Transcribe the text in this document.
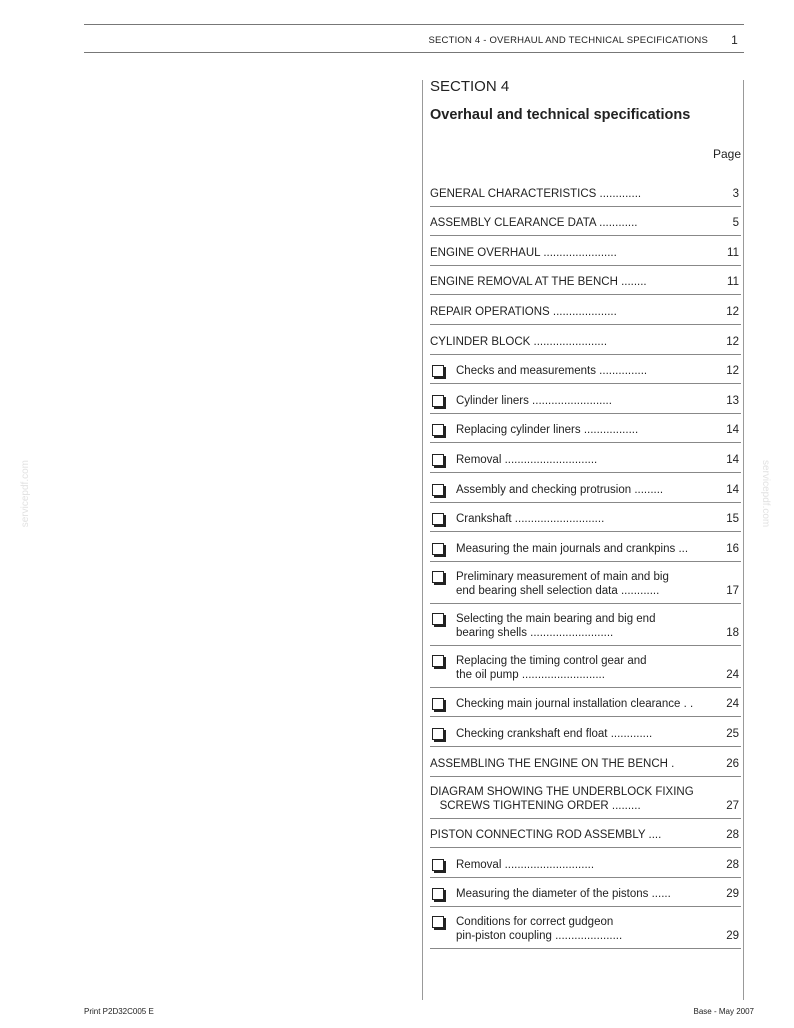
SECTION 4 - OVERHAUL AND TECHNICAL SPECIFICATIONS 1
SECTION 4
Overhaul and technical specifications
Page
GENERAL CHARACTERISTICS .............	3
ASSEMBLY CLEARANCE DATA ............	5
ENGINE OVERHAUL .......................	11
ENGINE REMOVAL AT THE BENCH ........	11
REPAIR OPERATIONS ....................	12
CYLINDER BLOCK .......................	12
Checks and measurements ...............	12
Cylinder liners .........................	13
Replacing cylinder liners .................	14
Removal .............................	14
Assembly and checking protrusion .........	14
Crankshaft ............................	15
Measuring the main journals and crankpins ...	16
Preliminary measurement of main and big
end bearing shell selection data ............	17
Selecting the main bearing and big end
bearing shells ..........................	18
Replacing the timing control gear and
the oil pump ..........................	24
Checking main journal installation clearance . .	24
Checking crankshaft end float .............	25
ASSEMBLING THE ENGINE ON THE BENCH .	26
DIAGRAM SHOWING THE UNDERBLOCK FIXING
SCREWS TIGHTENING ORDER .........	27
PISTON CONNECTING ROD ASSEMBLY ....	28
Removal ............................	28
Measuring the diameter of the pistons ......	29
Conditions for correct gudgeon
pin-piston coupling .....................	29
Print P2D32C005 E	Base - May 2007
servicepdf.com	servicepdf.com
